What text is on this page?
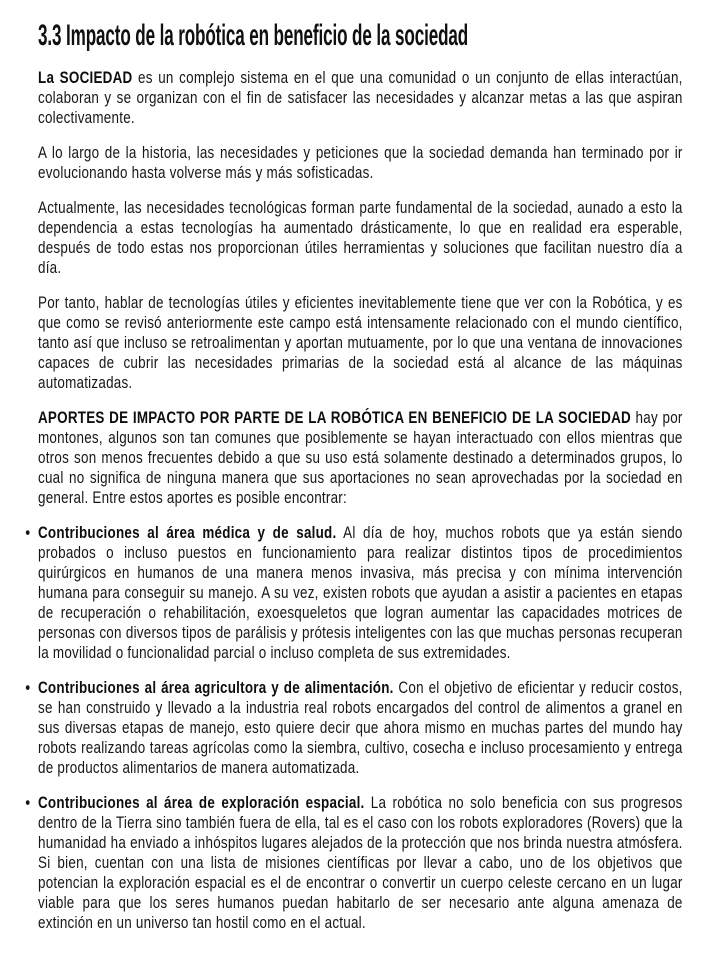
3.3 Impacto de la robótica en beneficio de la sociedad

La SOCIEDAD es un complejo sistema en el que una comunidad o un conjunto de ellas interactúan, colaboran y se organizan con el fin de satisfacer las necesidades y alcanzar metas a las que aspiran colectivamente.

A lo largo de la historia, las necesidades y peticiones que la sociedad demanda han terminado por ir evolucionando hasta volverse más y más sofisticadas.

Actualmente, las necesidades tecnológicas forman parte fundamental de la sociedad, aunado a esto la dependencia a estas tecnologías ha aumentado drásticamente, lo que en realidad era esperable, después de todo estas nos proporcionan útiles herramientas y soluciones que facilitan nuestro día a día.

Por tanto, hablar de tecnologías útiles y eficientes inevitablemente tiene que ver con la Robótica, y es que como se revisó anteriormente este campo está intensamente relacionado con el mundo científico, tanto así que incluso se retroalimentan y aportan mutuamente, por lo que una ventana de innovaciones capaces de cubrir las necesidades primarias de la sociedad está al alcance de las máquinas automatizadas.

APORTES DE IMPACTO POR PARTE DE LA ROBÓTICA EN BENEFICIO DE LA SOCIEDAD hay por montones, algunos son tan comunes que posiblemente se hayan interactuado con ellos mientras que otros son menos frecuentes debido a que su uso está solamente destinado a determinados grupos, lo cual no significa de ninguna manera que sus aportaciones no sean aprovechadas por la sociedad en general. Entre estos aportes es posible encontrar:

• Contribuciones al área médica y de salud. Al día de hoy, muchos robots que ya están siendo probados o incluso puestos en funcionamiento para realizar distintos tipos de procedimientos quirúrgicos en humanos de una manera menos invasiva, más precisa y con mínima intervención humana para conseguir su manejo. A su vez, existen robots que ayudan a asistir a pacientes en etapas de recuperación o rehabilitación, exoesqueletos que logran aumentar las capacidades motrices de personas con diversos tipos de parálisis y prótesis inteligentes con las que muchas personas recuperan la movilidad o funcionalidad parcial o incluso completa de sus extremidades.
• Contribuciones al área agricultora y de alimentación. Con el objetivo de eficientar y reducir costos, se han construido y llevado a la industria real robots encargados del control de alimentos a granel en sus diversas etapas de manejo, esto quiere decir que ahora mismo en muchas partes del mundo hay robots realizando tareas agrícolas como la siembra, cultivo, cosecha e incluso procesamiento y entrega de productos alimentarios de manera automatizada.
• Contribuciones al área de exploración espacial. La robótica no solo beneficia con sus progresos dentro de la Tierra sino también fuera de ella, tal es el caso con los robots exploradores (Rovers) que la humanidad ha enviado a inhóspitos lugares alejados de la protección que nos brinda nuestra atmósfera. Si bien, cuentan con una lista de misiones científicas por llevar a cabo, uno de los objetivos que potencian la exploración espacial es el de encontrar o convertir un cuerpo celeste cercano en un lugar viable para que los seres humanos puedan habitarlo de ser necesario ante alguna amenaza de extinción en un universo tan hostil como en el actual.
